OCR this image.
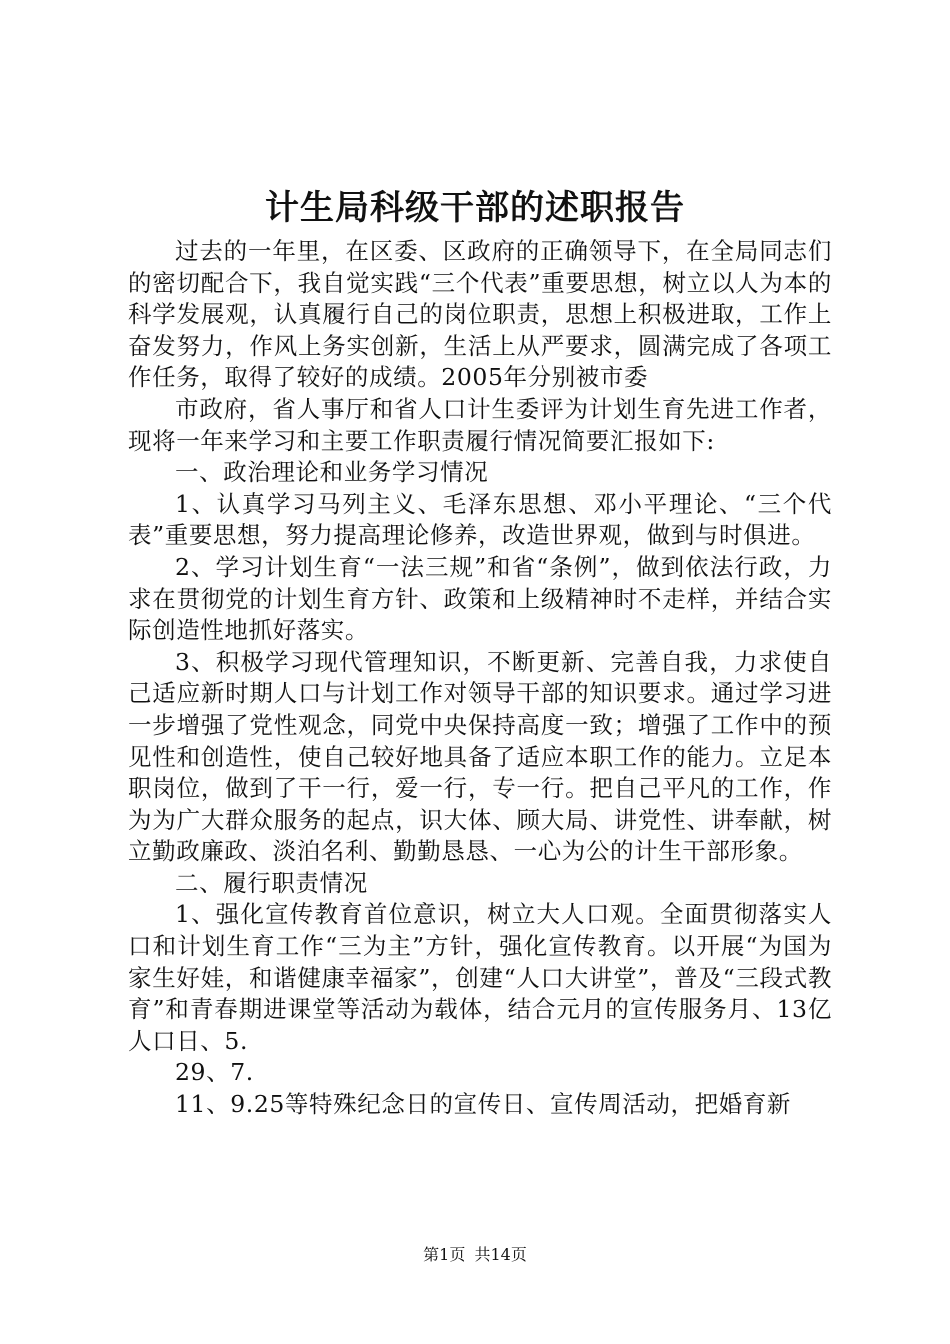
计生局科级干部的述职报告

过去的一年里，在区委、区政府的正确领导下，在全局同志们的密切配合下，我自觉实践“三个代表”重要思想，树立以人为本的科学发展观，认真履行自己的岗位职责，思想上积极进取，工作上奋发努力，作风上务实创新，生活上从严要求，圆满完成了各项工作任务，取得了较好的成绩。2005年分别被市委

市政府，省人事厅和省人口计生委评为计划生育先进工作者，现将一年来学习和主要工作职责履行情况简要汇报如下:

一、政治理论和业务学习情况

1、认真学习马列主义、毛泽东思想、邓小平理论、“三个代表”重要思想，努力提高理论修养，改造世界观，做到与时俱进。

2、学习计划生育“一法三规”和省“条例”，做到依法行政，力求在贯彻党的计划生育方针、政策和上级精神时不走样，并结合实际创造性地抓好落实。

3、积极学习现代管理知识，不断更新、完善自我，力求使自己适应新时期人口与计划工作对领导干部的知识要求。通过学习进一步增强了党性观念，同党中央保持高度一致；增强了工作中的预见性和创造性，使自己较好地具备了适应本职工作的能力。立足本职岗位，做到了干一行，爱一行，专一行。把自己平凡的工作，作为为广大群众服务的起点，识大体、顾大局、讲党性、讲奉献，树立勤政廉政、淡泊名利、勤勤恳恳、一心为公的计生干部形象。

二、履行职责情况

1、强化宣传教育首位意识，树立大人口观。全面贯彻落实人口和计划生育工作“三为主”方针，强化宣传教育。以开展“为国为家生好娃，和谐健康幸福家”，创建“人口大讲堂”，普及“三段式教育”和青春期进课堂等活动为载体，结合元月的宣传服务月、13亿人口日、5.

29、7.

11、9.25等特殊纪念日的宣传日、宣传周活动，把婚育新

第1页 共14页
